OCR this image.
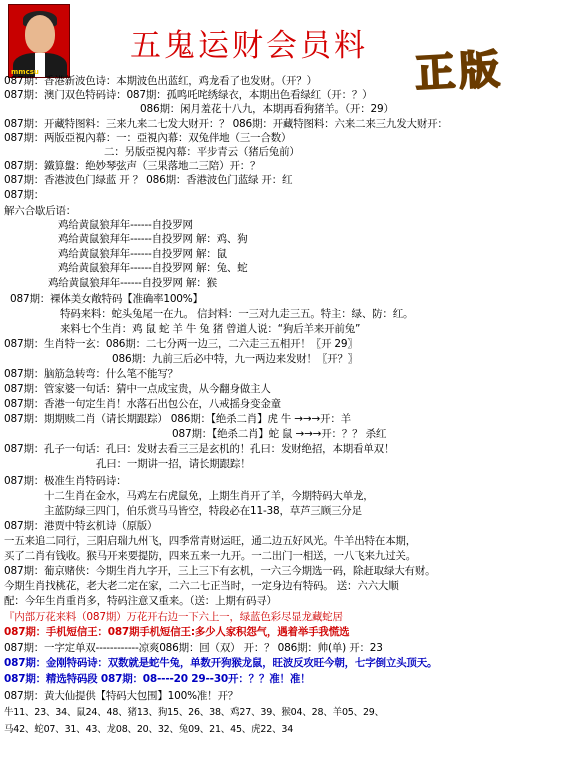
mmcsu
五鬼运财会员料 正版
087期：香港新波色诗：本期波色出蓝红，鸡龙看了也发财。（开？）
087期：澳门双色特码诗：087期：孤鸣吒咤绣绿衣，本期出色看绿红（开：？）
086期：闲月羞花十八九，本期再看狗猪羊。（开：29）
087期：开藏特图料：三来九来二七发大财开：？ 086期：开藏特图料：六来二来三九发大财开：
087期：两版亞視內幕：一：亞視內幕：双兔伴地（三一合数）
二：另版亞視內幕：平步青云（猪后兔前）
087期：鐵算盤：绝妙琴弦声（三果落地二三陪）开：？
087期：香港波色门绿蓝 开 ？ 086期：香港波色门蓝绿 开：红
087期：
解六合歇后语：
鸡给黄鼠狼拜年------自投罗网
鸡给黄鼠狼拜年------自投罗网 解：鸡、狗
鸡给黄鼠狼拜年------自投罗网 解：鼠
鸡给黄鼠狼拜年------自投罗网 解：兔、蛇
鸡给黄鼠狼拜年------自投罗网 解：猴
087期：裸体美女敞特码【准确率100%】
特码来料：蛇头兔尾一在九。 信封料：一三对九走三五。特主：绿、防：红。
来料七个生肖：鸡 鼠 蛇 羊 牛 兔 猪 曾道人说：“狗后羊来开前兔”
087期：生肖特一玄：086期：二七分两一边三，二六走三五相开！〖开 29〗
086期：九前三后必中特，九一两边来发财！〖开？〗
087期：脑筋急转弯：什么笔不能写？
087期：管家婆一句话：猜中一点成宝贵，从今翻身做主人
087期：香港一句定生肖！水落石出包公在，八戒摇身变金童
087期：期期赎二肖（请长期跟踪） 086期：【绝杀二肖】虎 牛 →→→开：羊
087期：【绝杀二肖】蛇 鼠 →→→开：？？ 杀红
087期：孔子一句话：孔曰：发财去看三三是玄机的！孔曰：发财绝招，本期看单双！
孔曰：一期讲一招，请长期跟踪！
087期：极准生肖特码诗：
十二生肖在金水，马鸡左右虎鼠免，上期生肖开了羊，今期特码大单龙，
主蓝防绿三四门，伯乐赏马马皆空，特段必在11-38，草芦三顾三分足
087期：港贾中特玄机诗（原版）
一五来追二同行，三阳启瑞九州飞，四季常青财运旺，通二边五好风光。牛羊出特在本期，
买了二肖有钱收。猴马开来要提防，四来五来一九开。一二出门一相送，一八飞来九过关。
087期：葡京赌侠：今期生肖九字开，三上三下有玄机，一六三今期选一码，除赶取绿大有财。
今期生肖找桃花，老大老二定在家，二六二七正当时，一定身边有特码。 送：六六大顺
配：今年生肖重肖多，特码注意又重来。（送：上期有码寻）
『内部万花来料（087期）万花开右边一下六上一，绿蓝色彩尽显龙藏蛇居
087期：手机短信王：087期手机短信王:多少人家积怨气，遇着举手我慌选
087期：一字定单双------------凉爽086期：回（双） 开：？ 086期：帅(单) 开：23
087期：金刚特码诗：双数就是蛇牛兔，单数开狗猴龙鼠，旺波反攻旺今朝，七字倒立头顶天。
087期：精选特码段 087期：08----20 29--30开：？？准！准！
087期：黄大仙提供【特码大包围】100%准！开？
牛11、23、34、鼠24、48、猪13、狗15、26、38、鸡27、39、猴04、28、羊05、29、
马42、蛇07、31、43、龙08、20、32、兔09、21、45、虎22、34
